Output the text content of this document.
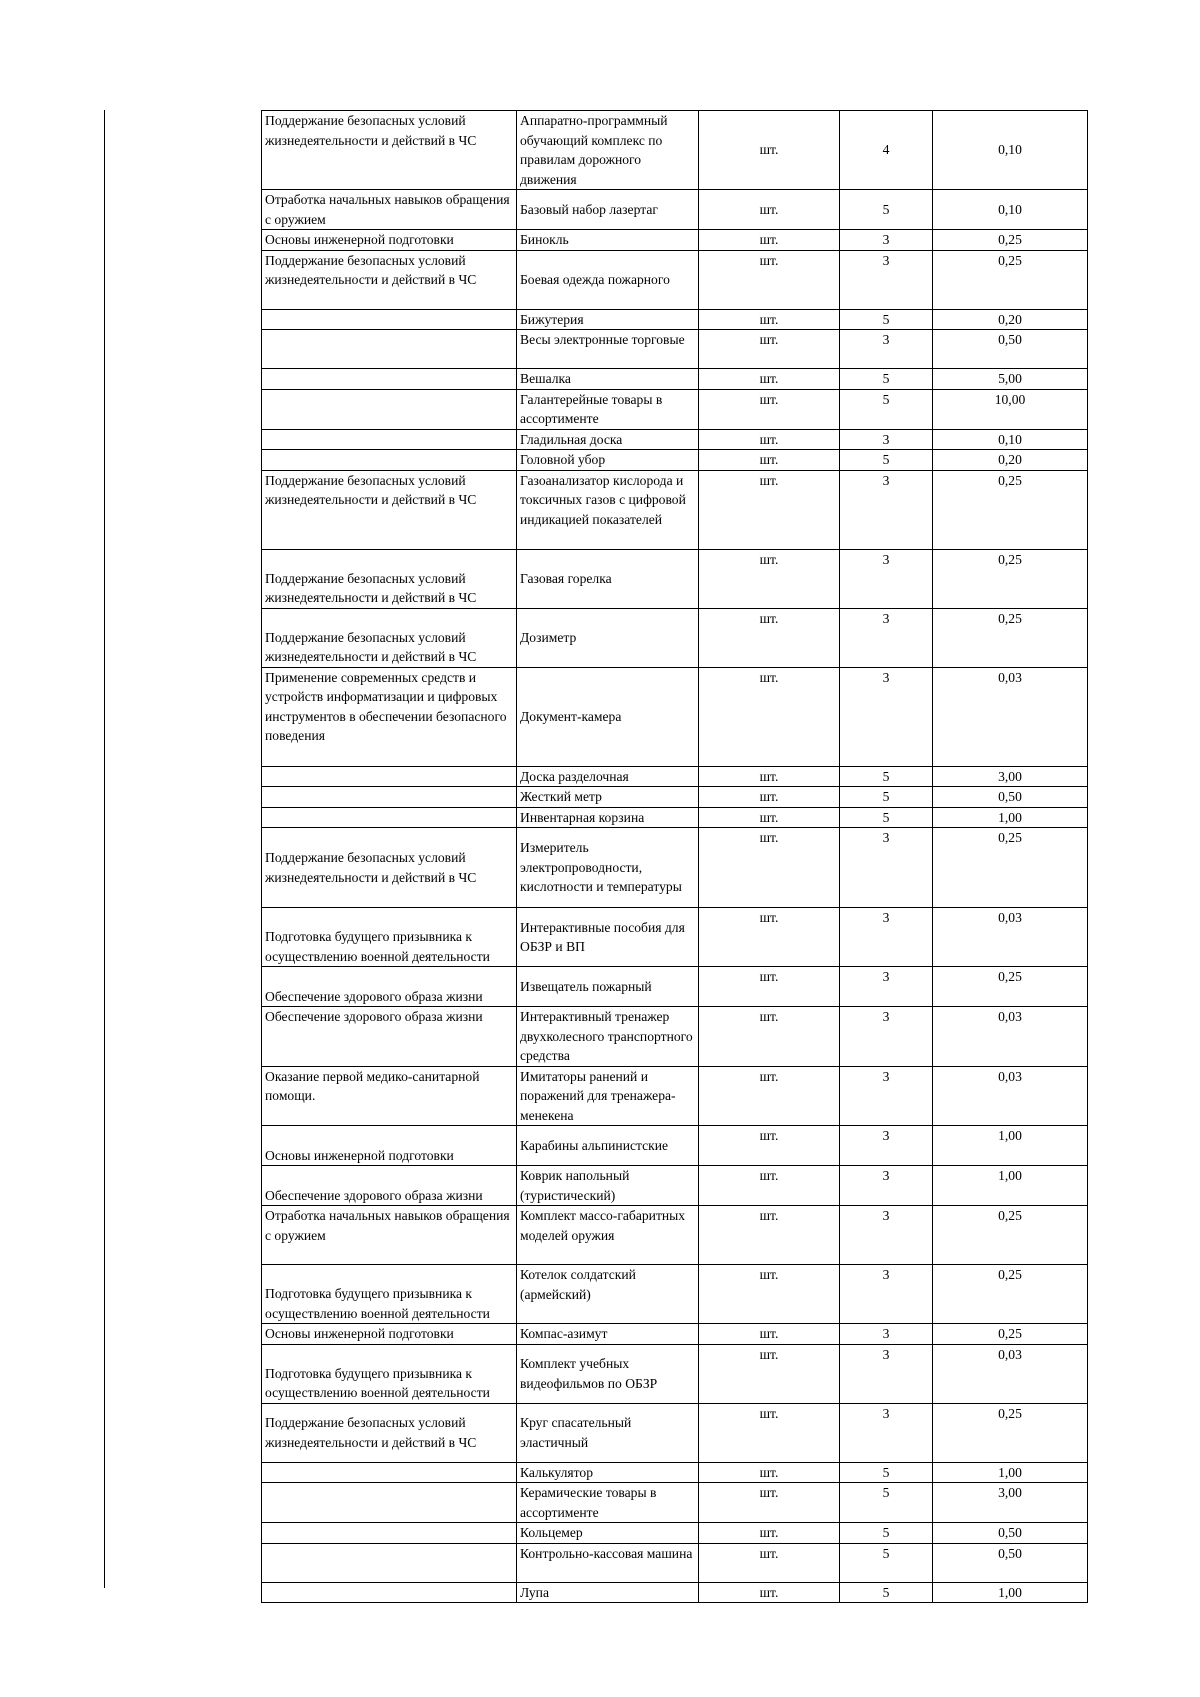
Поддержание безопасных условий жизнедеятельности и действий в ЧС	Аппаратно-программный обучающий комплекс по правилам дорожного движения	шт.	4	0,10
Отработка начальных навыков обращения с оружием	Базовый набор лазертаг	шт.	5	0,10
Основы инженерной подготовки	Бинокль	шт.	3	0,25
Поддержание безопасных условий жизнедеятельности и действий в ЧС	Боевая одежда пожарного	шт.	3	0,25
	Бижутерия	шт.	5	0,20
	Весы электронные торговые	шт.	3	0,50
	Вешалка	шт.	5	5,00
	Галантерейные товары в ассортименте	шт.	5	10,00
	Гладильная доска	шт.	3	0,10
	Головной убор	шт.	5	0,20
Поддержание безопасных условий жизнедеятельности и действий в ЧС	Газоанализатор кислорода и токсичных газов с цифровой индикацией показателей	шт.	3	0,25
Поддержание безопасных условий жизнедеятельности и действий в ЧС	Газовая горелка	шт.	3	0,25
Поддержание безопасных условий жизнедеятельности и действий в ЧС	Дозиметр	шт.	3	0,25
Применение современных средств и устройств информатизации и цифровых инструментов в обеспечении безопасного поведения	Документ-камера	шт.	3	0,03
	Доска разделочная	шт.	5	3,00
	Жесткий метр	шт.	5	0,50
	Инвентарная корзина	шт.	5	1,00
Поддержание безопасных условий жизнедеятельности и действий в ЧС	Измеритель электропроводности, кислотности и температуры	шт.	3	0,25
Подготовка будущего призывника к осуществлению военной деятельности	Интерактивные пособия для ОБЗР и ВП	шт.	3	0,03
Обеспечение здорового образа жизни	Извещатель пожарный	шт.	3	0,25
Обеспечение здорового образа жизни	Интерактивный тренажер двухколесного транспортного средства	шт.	3	0,03
Оказание первой медико-санитарной помощи.	Имитаторы ранений и поражений для тренажера-менекена	шт.	3	0,03
Основы инженерной подготовки	Карабины альпинистские	шт.	3	1,00
Обеспечение здорового образа жизни	Коврик напольный (туристический)	шт.	3	1,00
Отработка начальных навыков обращения с оружием	Комплект массо-габаритных моделей оружия	шт.	3	0,25
Подготовка будущего призывника к осуществлению военной деятельности	Котелок солдатский (армейский)	шт.	3	0,25
Основы инженерной подготовки	Компас-азимут	шт.	3	0,25
Подготовка будущего призывника к осуществлению военной деятельности	Комплект учебных видеофильмов по ОБЗР	шт.	3	0,03
Поддержание безопасных условий жизнедеятельности и действий в ЧС	Круг спасательный эластичный	шт.	3	0,25
	Калькулятор	шт.	5	1,00
	Керамические товары в ассортименте	шт.	5	3,00
	Кольцемер	шт.	5	0,50
	Контрольно-кассовая машина	шт.	5	0,50
	Лупа	шт.	5	1,00
